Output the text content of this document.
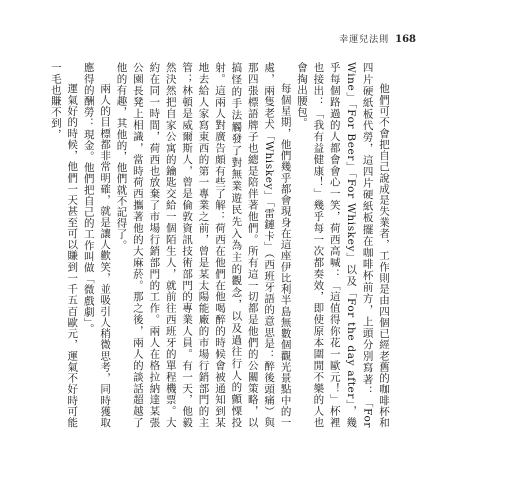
幸運兒法則 168

他們可不會把自己說成是失業者，工作則是由四個已經老舊的咖啡杯和四片硬紙板代勞，這四片硬紙板擺在咖啡杯前方，上頭分別寫著：「For Wine」「For Beer」「For Whiskey」以及「For the day after」，幾乎每個路過的人都會會心一笑，荷西高喊：「這值得你花一歐元！」杯裡也接出：「我有益健康！」幾乎每一次都奏效，即使原本圍閒不樂的人也會掏出腰包。

每個星期，他們幾乎都會現身在這座伊比利半島無數個觀光景點中的一處，兩隻老犬「Whiskey」「雷鏈卡」（西班牙語的意思是：醉後頭痛）與那四張標語牌子也總是陪伴著他們。所有這一切都是他們的公關策略，以搞怪的手法觸發了對無業遊民先入為主的觀念，以及過往行人的顫慄投射。這兩人對廣告頗有些了解：荷西在他們在他喝醉的時候會被通知到某地去給人家寫東西的第一專業之前，曾是某太陽能廠的市場行銷部門的主管；林頓是威爾斯人，曾是倫敦資訊技術部門的專業人員。有一天，他毅然決然把自家公寓的鑰匙交給一個陌生人，就前往西班牙的單程機票。大約在同一時間，荷西也放棄了市場行銷部門的工作。兩人在格拉納達某張公園長凳上相識，當時荷西攜著他的大麻菸。那之後，兩人的談話超越了他的有趣，其他的，他們就不記得了。

兩人的目標都非常明確，就是讓人歡笑，並吸引人稍微思考，同時獲取應得的酬勞：現金。他們把自己的工作叫做「微戲劇」。

運氣好的時候，他們一天甚至可以賺到一千五百歐元，運氣不好時可能一毛也賺不到，
